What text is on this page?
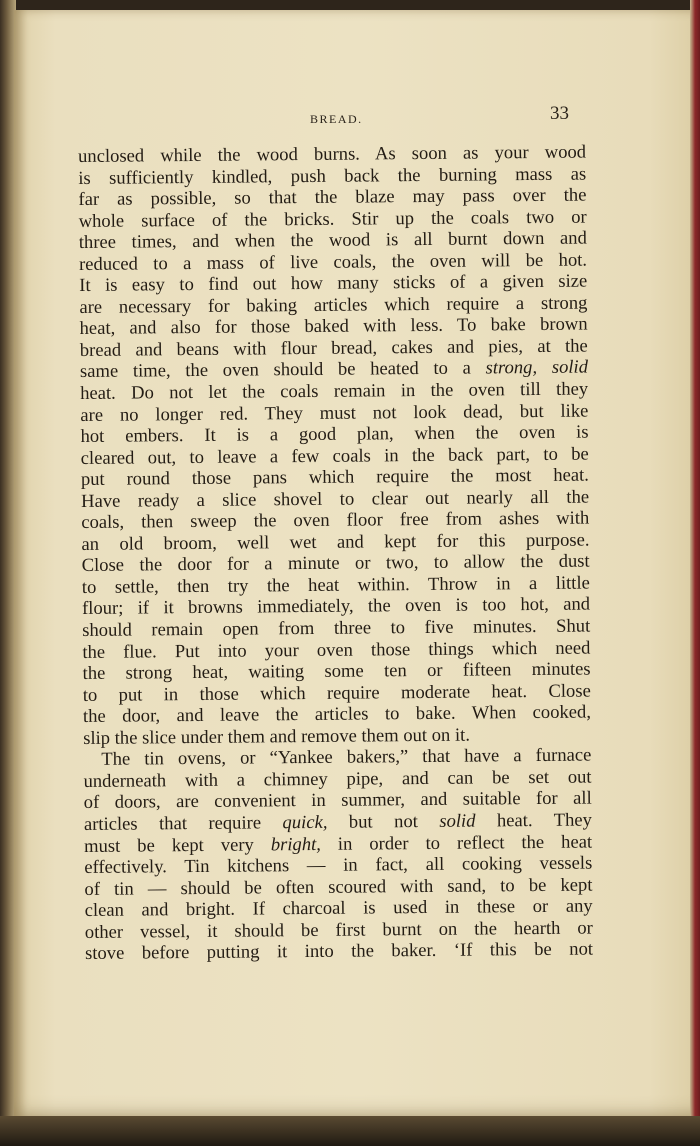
BREAD.	33
unclosed while the wood burns. As soon as your wood
is sufficiently kindled, push back the burning mass as
far as possible, so that the blaze may pass over the
whole surface of the bricks. Stir up the coals two or
three times, and when the wood is all burnt down and
reduced to a mass of live coals, the oven will be hot.
It is easy to find out how many sticks of a given size
are necessary for baking articles which require a strong
heat, and also for those baked with less. To bake brown
bread and beans with flour bread, cakes and pies, at the
same time, the oven should be heated to a strong, solid
heat. Do not let the coals remain in the oven till they
are no longer red. They must not look dead, but like
hot embers. It is a good plan, when the oven is
cleared out, to leave a few coals in the back part, to be
put round those pans which require the most heat.
Have ready a slice shovel to clear out nearly all the
coals, then sweep the oven floor free from ashes with
an old broom, well wet and kept for this purpose.
Close the door for a minute or two, to allow the dust
to settle, then try the heat within. Throw in a little
flour; if it browns immediately, the oven is too hot, and
should remain open from three to five minutes. Shut
the flue. Put into your oven those things which need
the strong heat, waiting some ten or fifteen minutes
to put in those which require moderate heat. Close
the door, and leave the articles to bake. When cooked,
slip the slice under them and remove them out on it.
The tin ovens, or “Yankee bakers,” that have a furnace
underneath with a chimney pipe, and can be set out
of doors, are convenient in summer, and suitable for all
articles that require quick, but not solid heat. They
must be kept very bright, in order to reflect the heat
effectively. Tin kitchens — in fact, all cooking vessels
of tin — should be often scoured with sand, to be kept
clean and bright. If charcoal is used in these or any
other vessel, it should be first burnt on the hearth or
stove before putting it into the baker. ‘If this be not
